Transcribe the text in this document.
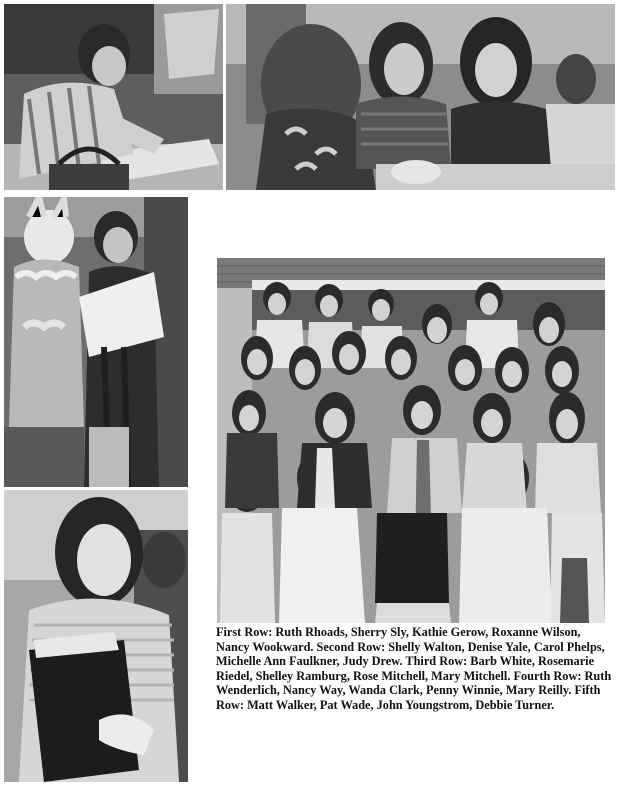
First Row: Ruth Rhoads, Sherry Sly, Kathie Gerow, Roxanne Wilson, Nancy Wookward. Second Row: Shelly Walton, Denise Yale, Carol Phelps, Michelle Ann Faulkner, Judy Drew. Third Row: Barb White, Rosemarie Riedel, Shelley Ramburg, Rose Mitchell, Mary Mitchell. Fourth Row: Ruth Wenderlich, Nancy Way, Wanda Clark, Penny Winnie, Mary Reilly. Fifth Row: Matt Walker, Pat Wade, John Youngstrom, Debbie Turner.
